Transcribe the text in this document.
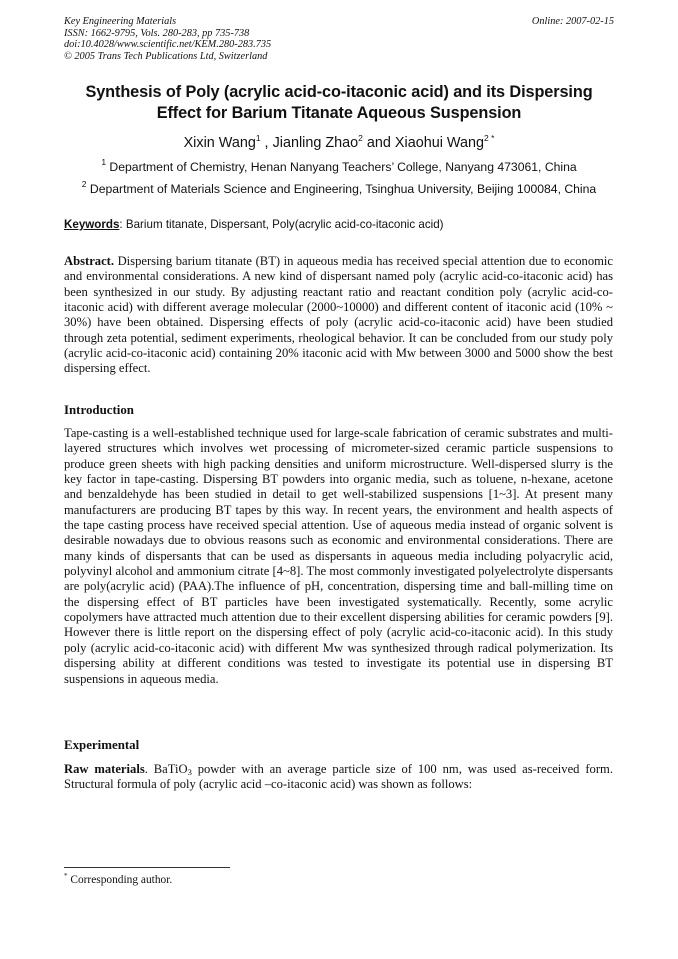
Key Engineering Materials
ISSN: 1662-9795, Vols. 280-283, pp 735-738
doi:10.4028/www.scientific.net/KEM.280-283.735
© 2005 Trans Tech Publications Ltd, Switzerland
Online: 2007-02-15
Synthesis of Poly (acrylic acid-co-itaconic acid) and its Dispersing
Effect for Barium Titanate Aqueous Suspension
Xixin Wang$^1$ , Jianling Zhao$^2$ and Xiaohui Wang$^{2 *}$
$^1$ Department of Chemistry, Henan Nanyang Teachers’ College, Nanyang 473061, China
$^2$ Department of Materials Science and Engineering, Tsinghua University, Beijing 100084, China
Keywords: Barium titanate, Dispersant, Poly(acrylic acid-co-itaconic acid)
Abstract. Dispersing barium titanate (BT) in aqueous media has received special attention due to economic and environmental considerations. A new kind of dispersant named poly (acrylic acid-co-itaconic acid) has been synthesized in our study. By adjusting reactant ratio and reactant condition poly (acrylic acid-co-itaconic acid) with different average molecular (2000~10000) and different content of itaconic acid (10% ~ 30%) have been obtained. Dispersing effects of poly (acrylic acid-co-itaconic acid) have been studied through zeta potential, sediment experiments, rheological behavior. It can be concluded from our study poly (acrylic acid-co-itaconic acid) containing 20% itaconic acid with Mw between 3000 and 5000 show the best dispersing effect.
Introduction
Tape-casting is a well-established technique used for large-scale fabrication of ceramic substrates and multi-layered structures which involves wet processing of micrometer-sized ceramic particle suspensions to produce green sheets with high packing densities and uniform microstructure. Well-dispersed slurry is the key factor in tape-casting. Dispersing BT powders into organic media, such as toluene, n-hexane, acetone and benzaldehyde has been studied in detail to get well-stabilized suspensions [1~3]. At present many manufacturers are producing BT tapes by this way. In recent years, the environment and health aspects of the tape casting process have received special attention. Use of aqueous media instead of organic solvent is desirable nowadays due to obvious reasons such as economic and environmental considerations. There are many kinds of dispersants that can be used as dispersants in aqueous media including polyacrylic acid, polyvinyl alcohol and ammonium citrate [4~8]. The most commonly investigated polyelectrolyte dispersants are poly(acrylic acid) (PAA).The influence of pH, concentration, dispersing time and ball-milling time on the dispersing effect of BT particles have been investigated systematically. Recently, some acrylic copolymers have attracted much attention due to their excellent dispersing abilities for ceramic powders [9]. However there is little report on the dispersing effect of poly (acrylic acid-co-itaconic acid). In this study poly (acrylic acid-co-itaconic acid) with different Mw was synthesized through radical polymerization. Its dispersing ability at different conditions was tested to investigate its potential use in dispersing BT suspensions in aqueous media.
Experimental
Raw materials. BaTiO$_3$ powder with an average particle size of 100 nm, was used as-received form. Structural formula of poly (acrylic acid –co-itaconic acid) was shown as follows:
* Corresponding author.
